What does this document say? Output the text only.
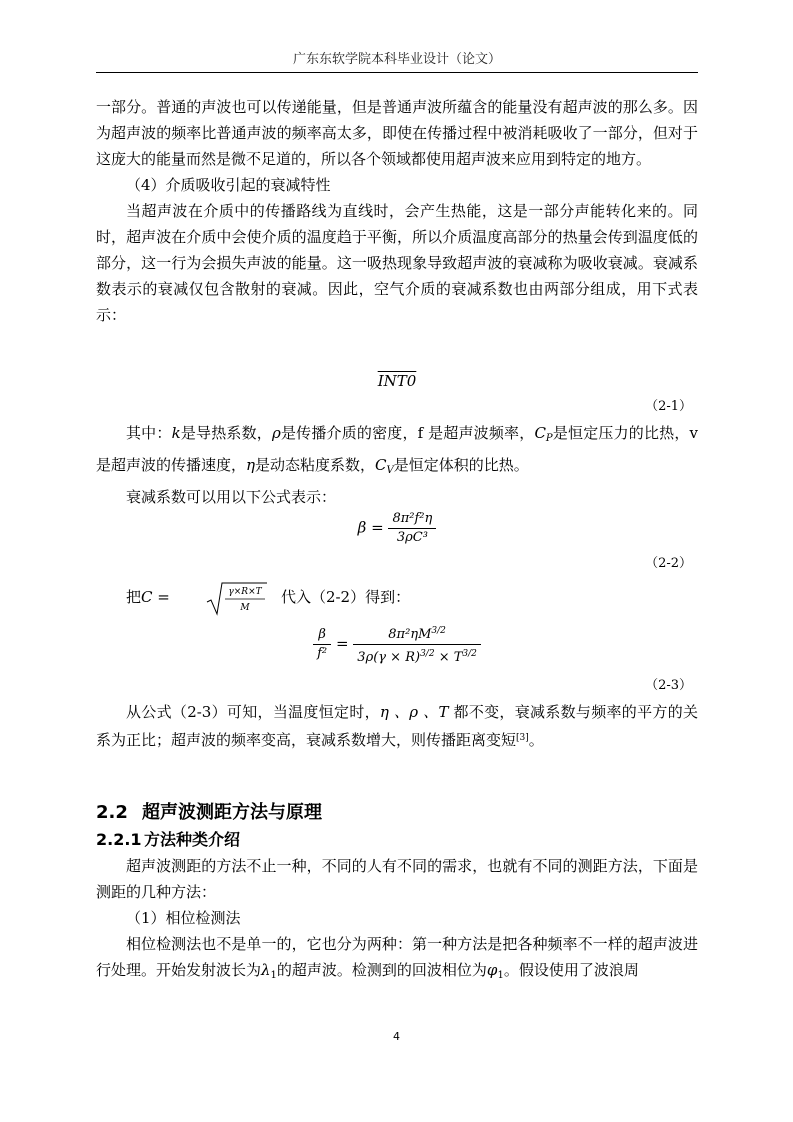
广东东软学院本科毕业设计（论文）

一部分。普通的声波也可以传递能量，但是普通声波所蕴含的能量没有超声波的那么多。因为超声波的频率比普通声波的频率高太多，即使在传播过程中被消耗吸收了一部分，但对于这庞大的能量而然是微不足道的，所以各个领域都使用超声波来应用到特定的地方。

（4）介质吸收引起的衰减特性

当超声波在介质中的传播路线为直线时，会产生热能，这是一部分声能转化来的。同时，超声波在介质中会使介质的温度趋于平衡，所以介质温度高部分的热量会传到温度低的部分，这一行为会损失声波的能量。这一吸热现象导致超声波的衰减称为吸收衰减。衰减系数表示的衰减仅包含散射的衰减。因此，空气介质的衰减系数也由两部分组成，用下式表示：

INT0

（2-1）

其中：k是导热系数，ρ是传播介质的密度，f 是超声波频率，$C_P$是恒定压力的比热，v 是超声波的传播速度，η是动态粘度系数，$C_V$是恒定体积的比热。

衰减系数可以用以下公式表示：

$\beta = \frac{\text{8π²f²η}}{\text{3ρC³}}$

（2-2）

把C =	γ×R×T
M
代入（2-2）得到：

$\frac{\beta}{\text{f²}} = \frac{8\pi^2\eta M^{3/2}}{3\rho(\gamma \times R)^{3/2} \times T^{3/2}}$

（2-3）

从公式（2-3）可知，当温度恒定时，η 、ρ 、T 都不变，衰减系数与频率的平方的关系为正比；超声波的频率变高，衰减系数增大，则传播距离变短[3]。

2.2 超声波测距方法与原理

2.2.1 方法种类介绍

超声波测距的方法不止一种，不同的人有不同的需求，也就有不同的测距方法，下面是测距的几种方法：

（1）相位检测法

相位检测法也不是单一的，它也分为两种：第一种方法是把各种频率不一样的超声波进行处理。开始发射波长为$\lambda_1$的超声波。检测到的回波相位为$\varphi_1$。假设使用了波浪周

4
